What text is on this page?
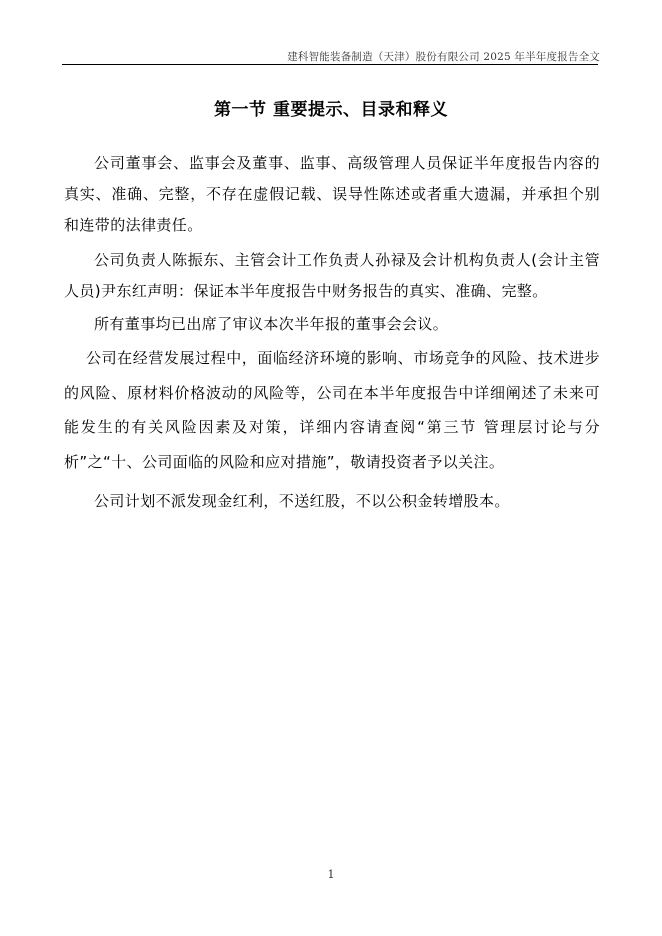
建科智能装备制造（天津）股份有限公司 2025 年半年度报告全文
第一节 重要提示、目录和释义

公司董事会、监事会及董事、监事、高级管理人员保证半年度报告内容的真实、准确、完整，不存在虚假记载、误导性陈述或者重大遗漏，并承担个别和连带的法律责任。

公司负责人陈振东、主管会计工作负责人孙禄及会计机构负责人(会计主管人员)尹东红声明：保证本半年度报告中财务报告的真实、准确、完整。

所有董事均已出席了审议本次半年报的董事会会议。

公司在经营发展过程中，面临经济环境的影响、市场竞争的风险、技术进步的风险、原材料价格波动的风险等，公司在本半年度报告中详细阐述了未来可能发生的有关风险因素及对策，详细内容请查阅“第三节 管理层讨论与分析”之“十、公司面临的风险和应对措施”，敬请投资者予以关注。

公司计划不派发现金红利，不送红股，不以公积金转增股本。

1
